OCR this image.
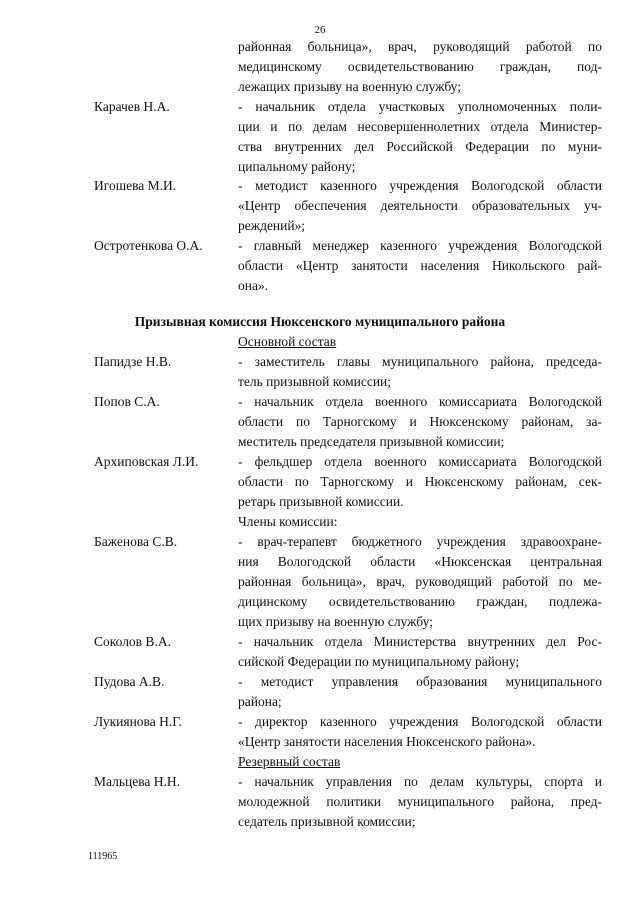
26
районная больница», врач, руководящий работой по
медицинскому освидетельствованию граждан, под-
лежащих призыву на военную службу;
Карачев Н.А.	- начальник отдела участковых уполномоченных поли-
ции и по делам несовершеннолетних отдела Министер-
ства внутренних дел Российской Федерации по муни-
ципальному району;
Игошева М.И.	- методист казенного учреждения Вологодской области
«Центр обеспечения деятельности образовательных уч-
реждений»;
Остротенкова О.А.	- главный менеджер казенного учреждения Вологодской
области «Центр занятости населения Никольского рай-
она».
Призывная комиссия Нюксенского муниципального района
Основной состав
Папидзе Н.В.	- заместитель главы муниципального района, председа-
тель призывной комиссии;
Попов С.А.	- начальник отдела военного комиссариата Вологодской
области по Тарногскому и Нюксенскому районам, за-
меститель председателя призывной комиссии;
Архиповская Л.И.	- фельдшер отдела военного комиссариата Вологодской
области по Тарногскому и Нюксенскому районам, сек-
ретарь призывной комиссии.
Члены комиссии:
Баженова С.В.	- врач-терапевт бюджетного учреждения здравоохране-
ния Вологодской области «Нюксенская центральная
районная больница», врач, руководящий работой по ме-
дицинскому освидетельствованию граждан, подлежа-
щих призыву на военную службу;
Соколов В.А.	- начальник отдела Министерства внутренних дел Рос-
сийской Федерации по муниципальному району;
Пудова А.В.	- методист управления образования муниципального
района;
Лукиянова Н.Г.	- директор казенного учреждения Вологодской области
«Центр занятости населения Нюксенского района».
Резервный состав
Мальцева Н.Н.	- начальник управления по делам культуры, спорта и
молодежной политики муниципального района, пред-
седатель призывной комиссии;
111965
